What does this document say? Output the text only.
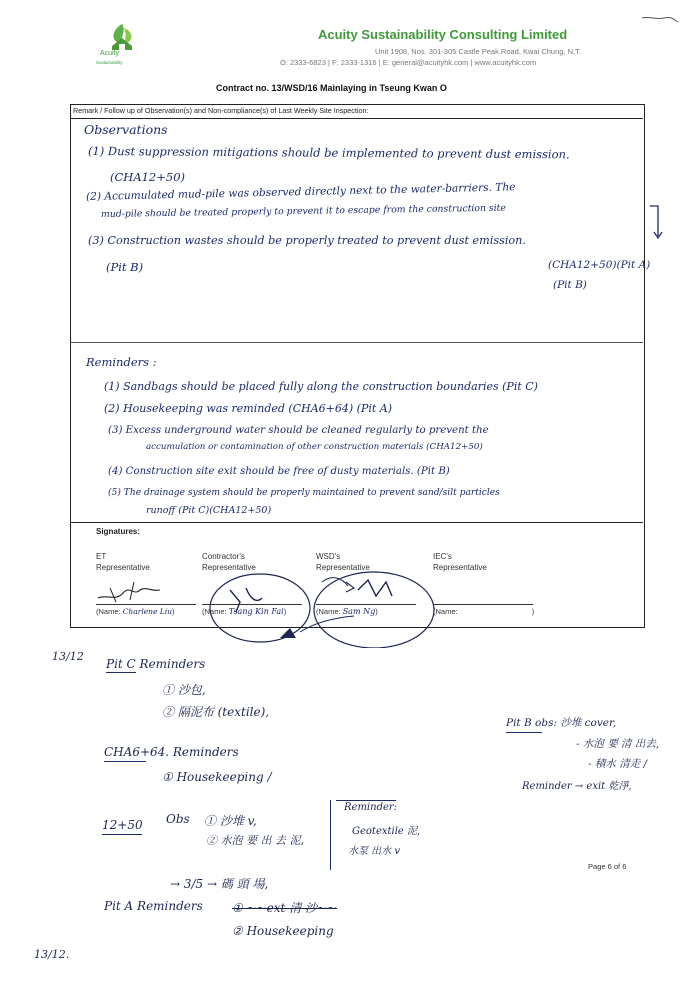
Acuity
Sustainability
Acuity Sustainability Consulting Limited
Unit 1908, Nos. 301-305 Castle Peak Road, Kwai Chung, N.T.
O: 2333-6823 | F: 2333-1316 | E: general@acuityhk.com | www.acuityhk.com
Contract no. 13/WSD/16 Mainlaying in Tseung Kwan O
Remark / Follow up of Observation(s) and Non-compliance(s) of Last Weekly Site Inspection:
Observations
(1) Dust suppression mitigations should be implemented to prevent dust emission.
(CHA12+50)
(2) Accumulated mud-pile was observed directly next to the water-barriers. The
mud-pile should be treated properly to prevent it to escape from the construction site
(3) Construction wastes should be properly treated to prevent dust emission.
(Pit B)	(CHA12+50)(Pit A)
(Pit B)
Reminders :
(1) Sandbags should be placed fully along the construction boundaries (Pit C)
(2) Housekeeping was reminded (CHA6+64) (Pit A)
(3) Excess underground water should be cleaned regularly to prevent the
accumulation or contamination of other construction materials (CHA12+50)
(4) Construction site exit should be free of dusty materials. (Pit B)
(5) The drainage system should be properly maintained to prevent sand/silt particles
runoff (Pit C)(CHA12+50)
Signatures:
ET
Representative
Contractor's
Representative
WSD's
Representative
IEC's
Representative
(Name: Charlene Liu)	(Name: Tsang Kin Fai)	(Name: Sam Ng)	(Name:	)
13/12
Pit C Reminders
① 沙包,
② 隔泥布 (textile),
Pit B obs: 沙堆 cover,
- 水泡 要 清 出去,
- 積水 清走 /
Reminder → exit 乾淨,
CHA6+64. Reminders
① Housekeeping /
12+50 Obs ① 沙堆 v,
② 水泡 要 出 去 泥,
Reminder:
Geotextile 泥,
水泵 出水 v
Page 6 of 6
→ 3/5 → 碼 頭 場,
Pit A Reminders ① ~~ext 清 沙~~
② Housekeeping
13/12.
